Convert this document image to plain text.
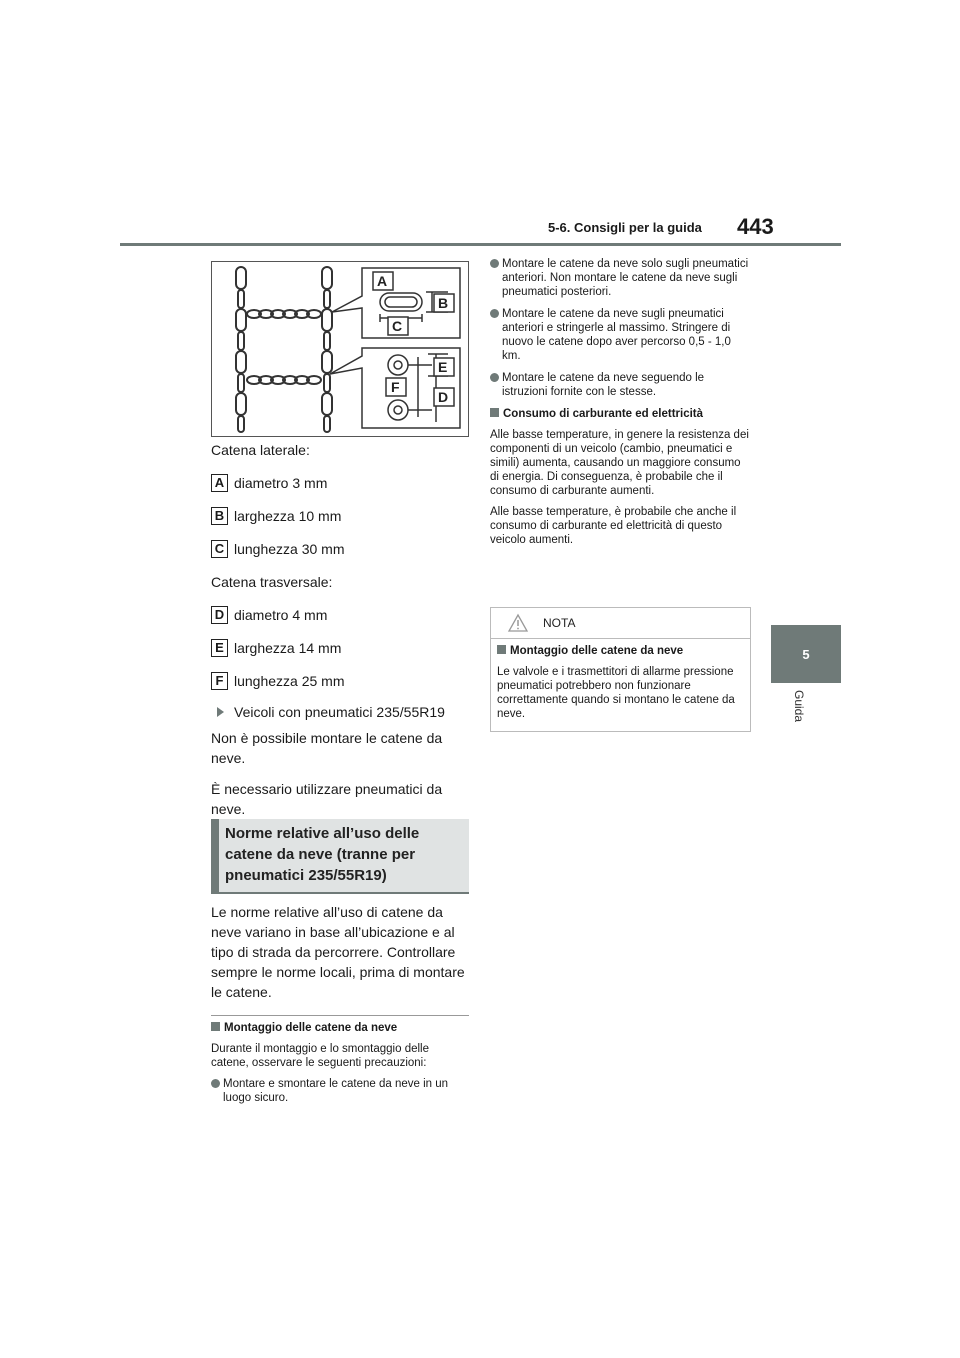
5-6. Consigli per la guida 443
5
Guida
A
B
C
E
F
D

Catena laterale:

A diametro 3 mm
B larghezza 10 mm
C lunghezza 30 mm

Catena trasversale:

D diametro 4 mm
E larghezza 14 mm
F lunghezza 25 mm
Veicoli con pneumatici 235/55R19

Non è possibile montare le catene da neve.

È necessario utilizzare pneumatici da neve.

Norme relative all’uso delle catene da neve (tranne per pneumatici 235/55R19)
Le norme relative all’uso di catene da neve variano in base all’ubicazione e al tipo di strada da percorrere. Controllare sempre le norme locali, prima di montare le catene.

Montaggio delle catene da neve

Durante il montaggio e lo smontaggio delle catene, osservare le seguenti precauzioni:

Montare e smontare le catene da neve in un luogo sicuro.
Montare le catene da neve solo sugli pneumatici anteriori. Non montare le catene da neve sugli pneumatici posteriori.
Montare le catene da neve sugli pneumatici anteriori e stringerle al massimo. Stringere di nuovo le catene dopo aver percorso 0,5 - 1,0 km.
Montare le catene da neve seguendo le istruzioni fornite con le stesse.

Consumo di carburante ed elettricità

Alle basse temperature, in genere la resistenza dei componenti di un veicolo (cambio, pneumatici e simili) aumenta, causando un maggiore consumo di energia. Di conseguenza, è probabile che il consumo di carburante aumenti.

Alle basse temperature, è probabile che anche il consumo di carburante ed elettricità di questo veicolo aumenti.

NOTA

Montaggio delle catene da neve

Le valvole e i trasmettitori di allarme pressione pneumatici potrebbero non funzionare correttamente quando si montano le catene da neve.
